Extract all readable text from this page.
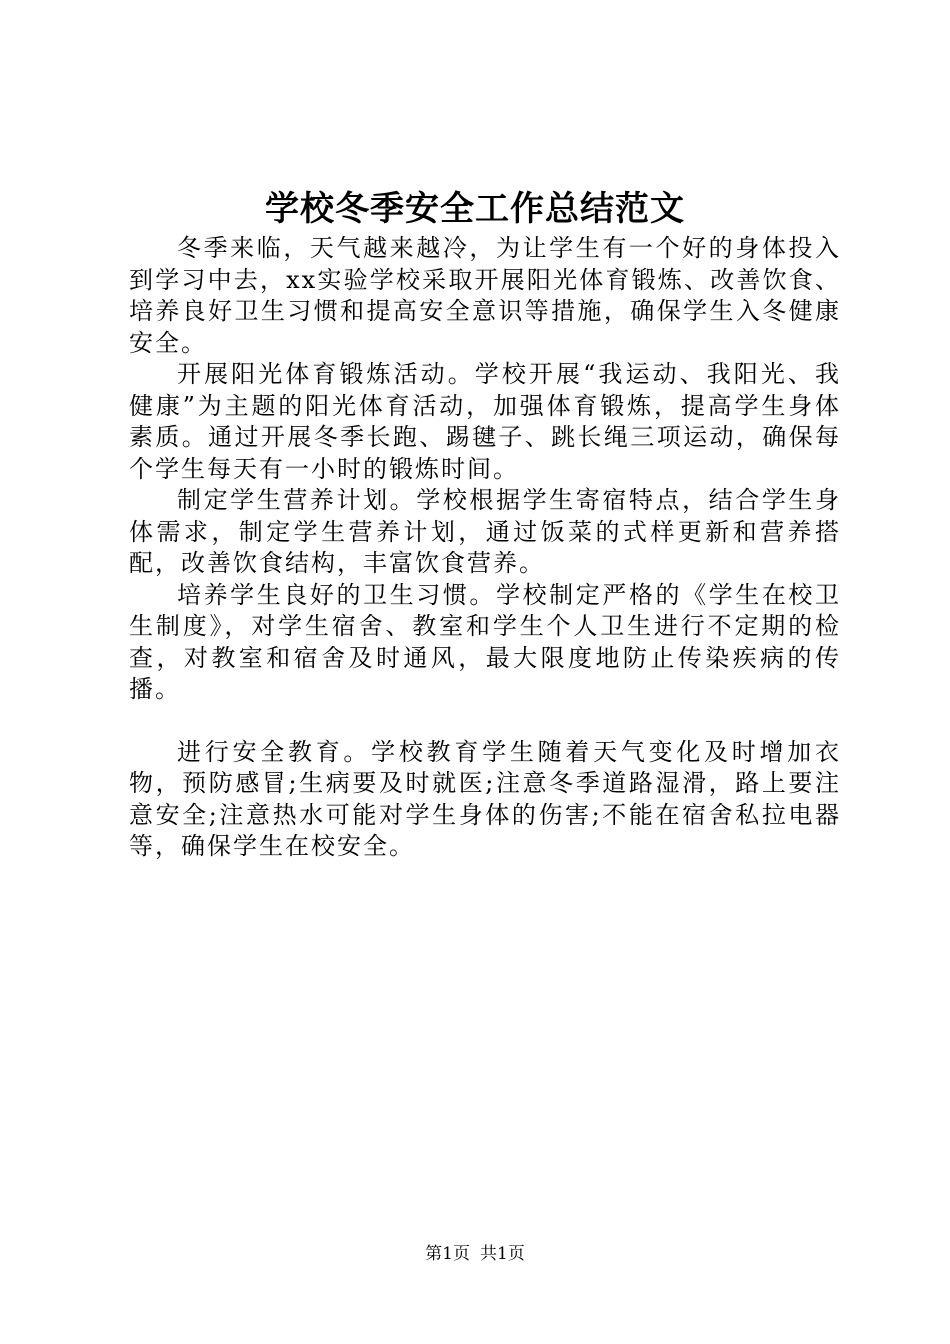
学校冬季安全工作总结范文

冬季来临，天气越来越冷，为让学生有一个好的身体投入到学习中去，xx实验学校采取开展阳光体育锻炼、改善饮食、培养良好卫生习惯和提高安全意识等措施，确保学生入冬健康安全。

开展阳光体育锻炼活动。学校开展“我运动、我阳光、我健康”为主题的阳光体育活动，加强体育锻炼，提高学生身体素质。通过开展冬季长跑、踢毽子、跳长绳三项运动，确保每个学生每天有一小时的锻炼时间。

制定学生营养计划。学校根据学生寄宿特点，结合学生身体需求，制定学生营养计划，通过饭菜的式样更新和营养搭配，改善饮食结构，丰富饮食营养。

培养学生良好的卫生习惯。学校制定严格的《学生在校卫生制度》，对学生宿舍、教室和学生个人卫生进行不定期的检查，对教室和宿舍及时通风，最大限度地防止传染疾病的传播。

进行安全教育。学校教育学生随着天气变化及时增加衣物，预防感冒;生病要及时就医;注意冬季道路湿滑，路上要注意安全;注意热水可能对学生身体的伤害;不能在宿舍私拉电器等，确保学生在校安全。

第1页 共1页
